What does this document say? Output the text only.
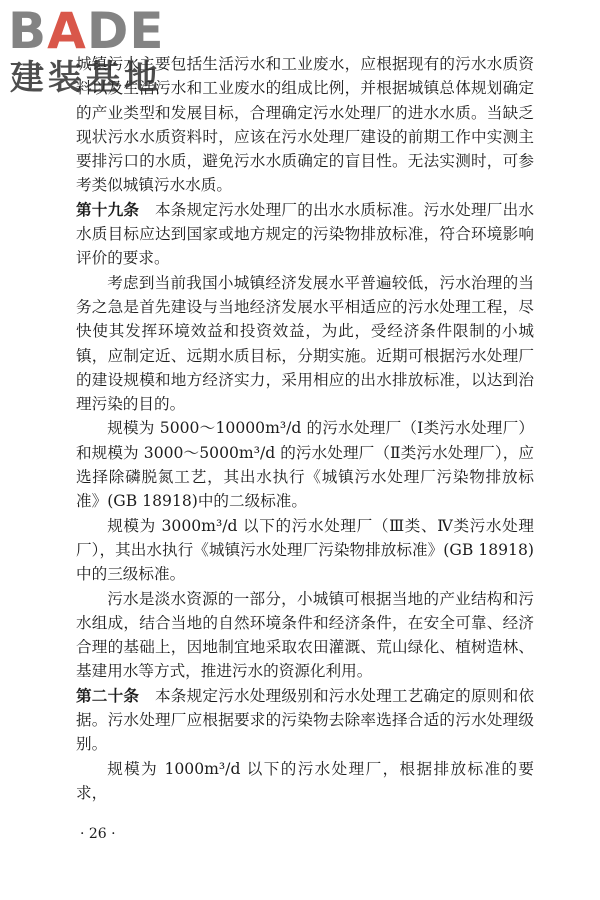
BADE
建装基地

城镇污水主要包括生活污水和工业废水，应根据现有的污水水质资料以及生活污水和工业废水的组成比例，并根据城镇总体规划确定的产业类型和发展目标，合理确定污水处理厂的进水水质。当缺乏现状污水水质资料时，应该在污水处理厂建设的前期工作中实测主要排污口的水质，避免污水水质确定的盲目性。无法实测时，可参考类似城镇污水水质。

第十九条　本条规定污水处理厂的出水水质标准。污水处理厂出水水质目标应达到国家或地方规定的污染物排放标准，符合环境影响评价的要求。

考虑到当前我国小城镇经济发展水平普遍较低，污水治理的当务之急是首先建设与当地经济发展水平相适应的污水处理工程，尽快使其发挥环境效益和投资效益，为此，受经济条件限制的小城镇，应制定近、远期水质目标，分期实施。近期可根据污水处理厂的建设规模和地方经济实力，采用相应的出水排放标准，以达到治理污染的目的。

规模为 5000～10000m³/d 的污水处理厂（Ⅰ类污水处理厂）和规模为 3000～5000m³/d 的污水处理厂（Ⅱ类污水处理厂），应选择除磷脱氮工艺，其出水执行《城镇污水处理厂污染物排放标准》(GB 18918)中的二级标准。

规模为 3000m³/d 以下的污水处理厂（Ⅲ类、Ⅳ类污水处理厂），其出水执行《城镇污水处理厂污染物排放标准》(GB 18918)中的三级标准。

污水是淡水资源的一部分，小城镇可根据当地的产业结构和污水组成，结合当地的自然环境条件和经济条件，在安全可靠、经济合理的基础上，因地制宜地采取农田灌溉、荒山绿化、植树造林、基建用水等方式，推进污水的资源化利用。

第二十条　本条规定污水处理级别和污水处理工艺确定的原则和依据。污水处理厂应根据要求的污染物去除率选择合适的污水处理级别。

规模为 1000m³/d 以下的污水处理厂，根据排放标准的要求，

· 26 ·
